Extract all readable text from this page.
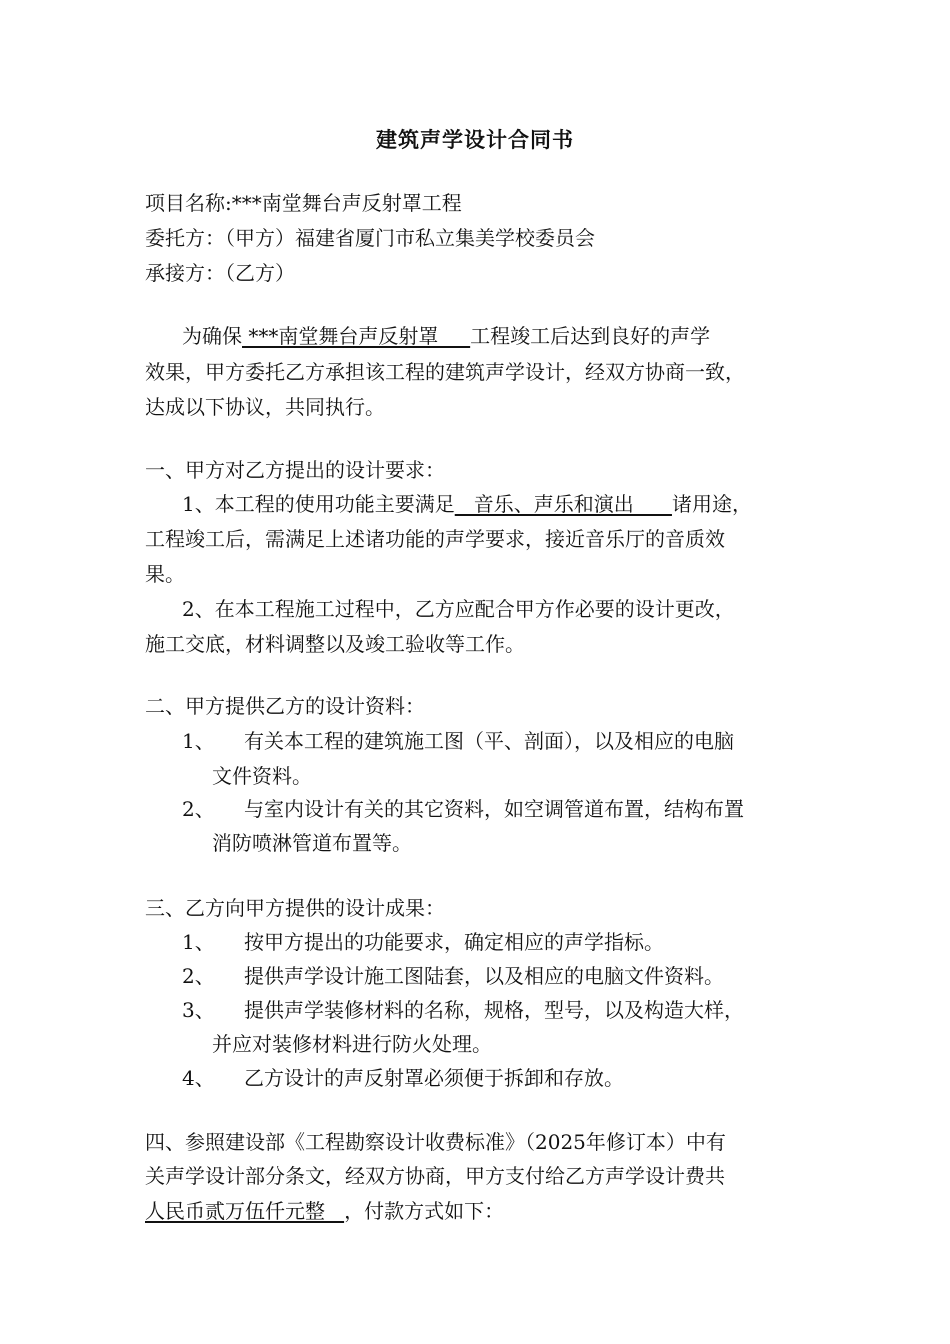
建筑声学设计合同书
项目名称:***南堂舞台声反射罩工程
委托方：（甲方）福建省厦门市私立集美学校委员会
承接方：（乙方）
为确保 ***南堂舞台声反射罩     工程竣工后达到良好的声学
效果，甲方委托乙方承担该工程的建筑声学设计，经双方协商一致，
达成以下协议，共同执行。
一、甲方对乙方提出的设计要求：
1、本工程的使用功能主要满足   音乐、声乐和演出      诸用途，
工程竣工后，需满足上述诸功能的声学要求，接近音乐厅的音质效
果。
2、在本工程施工过程中，乙方应配合甲方作必要的设计更改，
施工交底，材料调整以及竣工验收等工作。
二、甲方提供乙方的设计资料：
1、 有关本工程的建筑施工图（平、剖面），以及相应的电脑
文件资料。
2、 与室内设计有关的其它资料，如空调管道布置，结构布置
消防喷淋管道布置等。
三、乙方向甲方提供的设计成果：
1、 按甲方提出的功能要求，确定相应的声学指标。
2、 提供声学设计施工图陆套，以及相应的电脑文件资料。
3、 提供声学装修材料的名称，规格，型号，以及构造大样，
并应对装修材料进行防火处理。
4、 乙方设计的声反射罩必须便于拆卸和存放。
四、参照建设部《工程勘察设计收费标准》（2025年修订本）中有
关声学设计部分条文，经双方协商，甲方支付给乙方声学设计费共
人民币贰万伍仟元整   ，付款方式如下：
